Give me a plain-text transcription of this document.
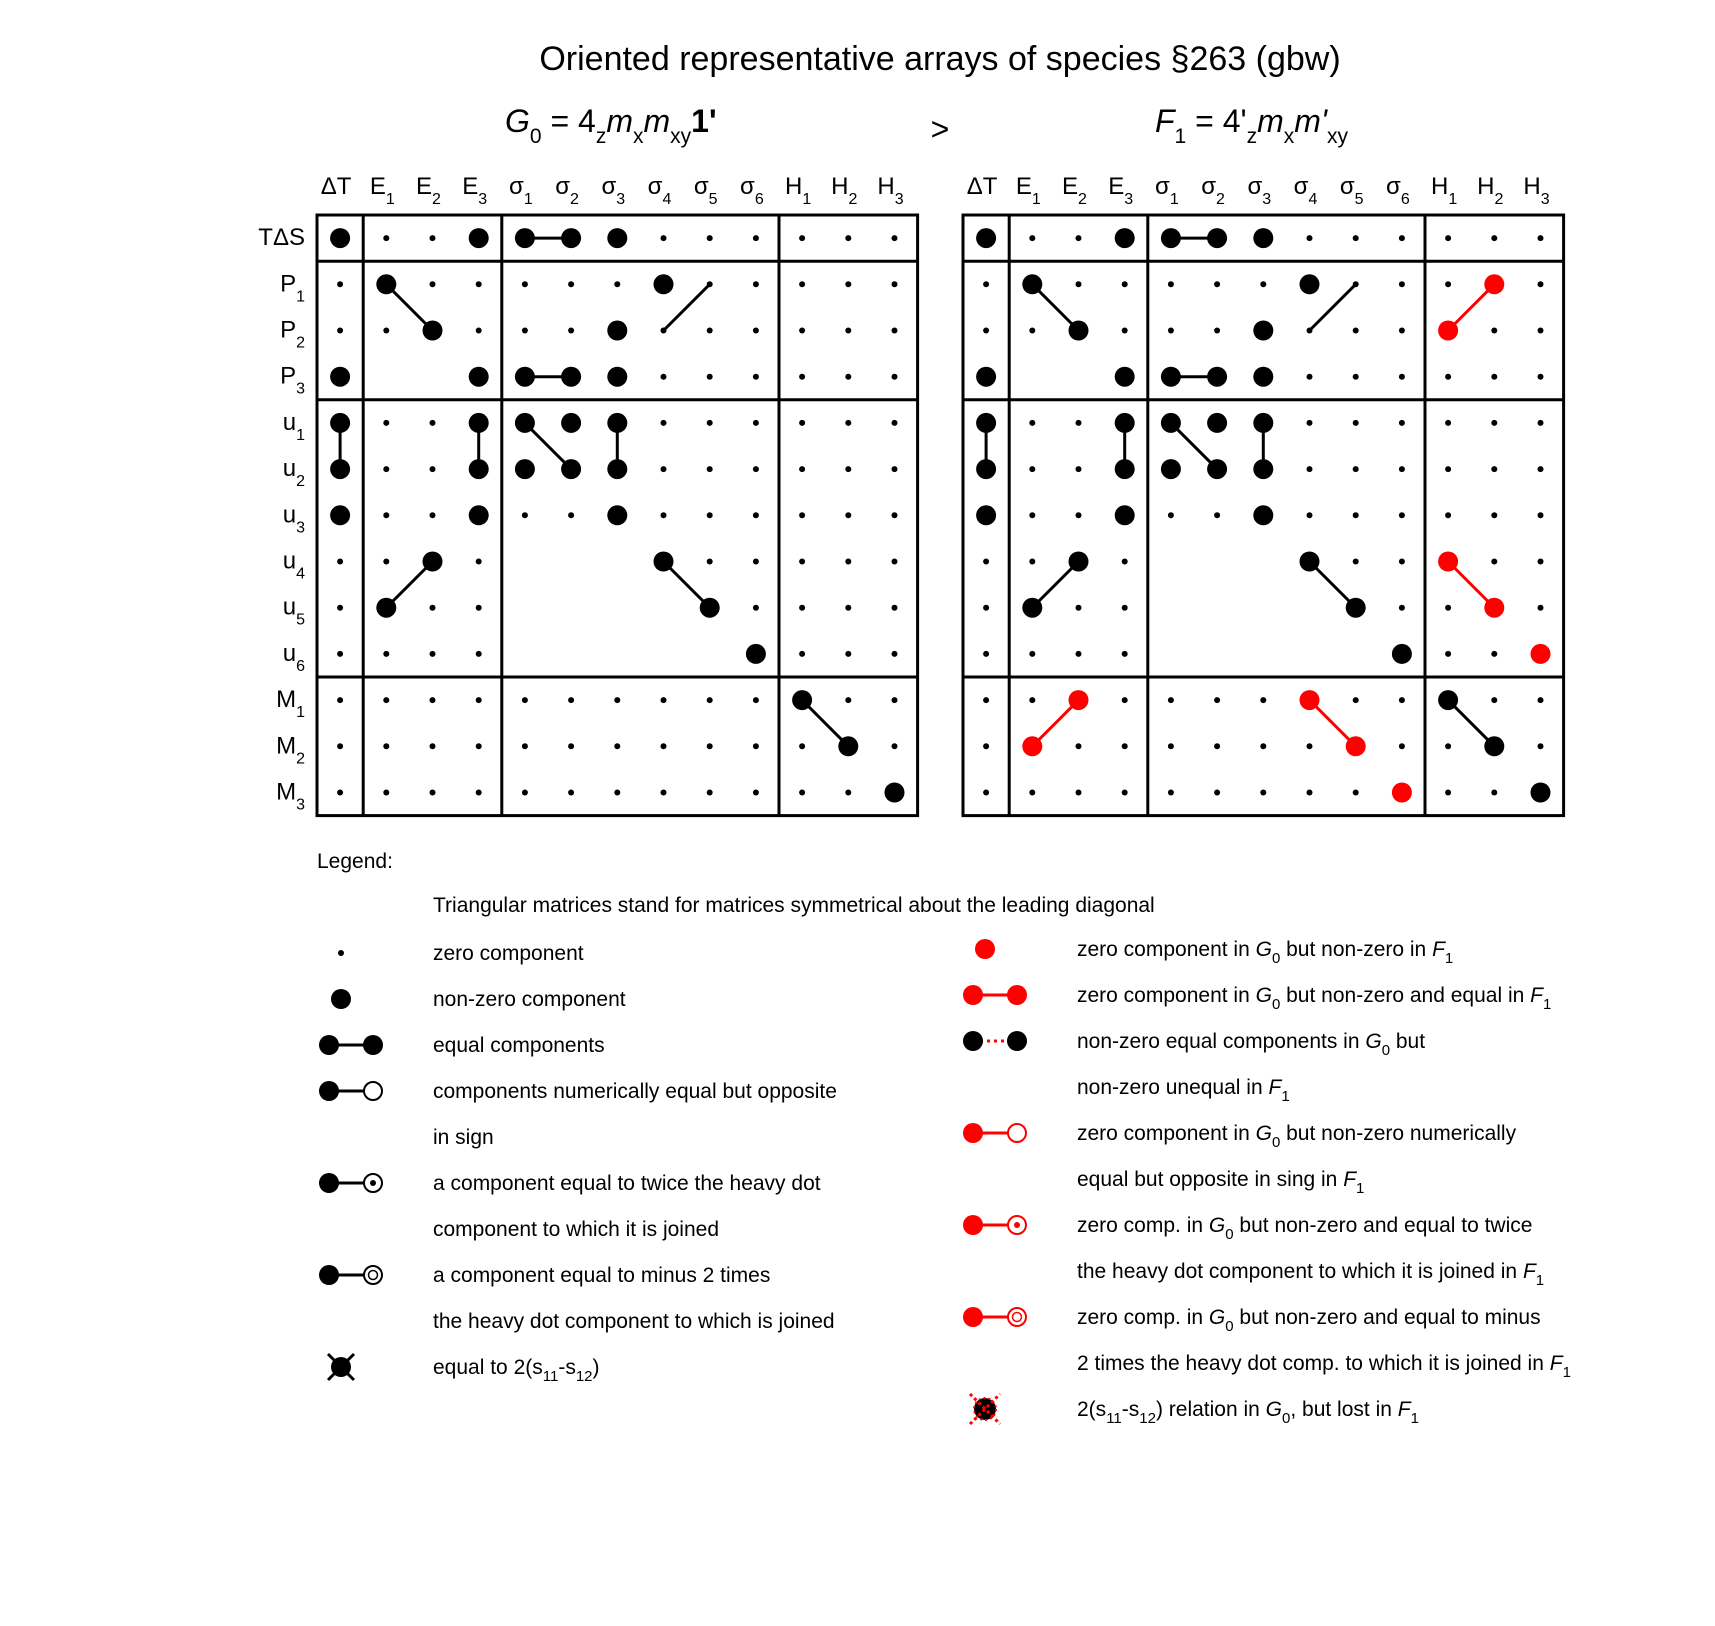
Oriented representative arrays of species §263 (gbw)
>
$G_0 = 4_zm_xm_{xy}1'$	$F_1 = 4'_zm_xm'_{xy}$
ΔT $E_1$ $E_2$ $E_3$ $\sigma_1$ $\sigma_2$ $\sigma_3$ $\sigma_4$ $\sigma_5$ $\sigma_6$ $H_1$ $H_2$ $H_3$
TΔS
$P_1$
$P_2$
$P_3$
$u_1$
$u_2$
$u_3$
$u_4$
$u_5$
$u_6$
$M_1$
$M_2$
$M_3$
ΔT $E_1$ $E_2$ $E_3$ $\sigma_1$ $\sigma_2$ $\sigma_3$ $\sigma_4$ $\sigma_5$ $\sigma_6$ $H_1$ $H_2$ $H_3$
Legend:
Triangular matrices stand for matrices symmetrical about the leading diagonal
zero component
non-zero component
equal components
components numerically equal but opposite
in sign
a component equal to twice the heavy dot
component to which it is joined
a component equal to minus 2 times
the heavy dot component to which is joined
equal to $2(s_{11}-s_{12})$
zero component in $G_0$ but non-zero in $F_1$
zero component in $G_0$ but non-zero and equal in $F_1$
non-zero equal components in $G_0$ but
non-zero unequal in $F_1$
zero component in $G_0$ but non-zero numerically
equal but opposite in sing in $F_1$
zero comp. in $G_0$ but non-zero and equal to twice
the heavy dot component to which it is joined in $F_1$
zero comp. in $G_0$ but non-zero and equal to minus
2 times the heavy dot comp. to which it is joined in $F_1$
$2(s_{11}-s_{12})$ relation in $G_0$, but lost in $F_1$
